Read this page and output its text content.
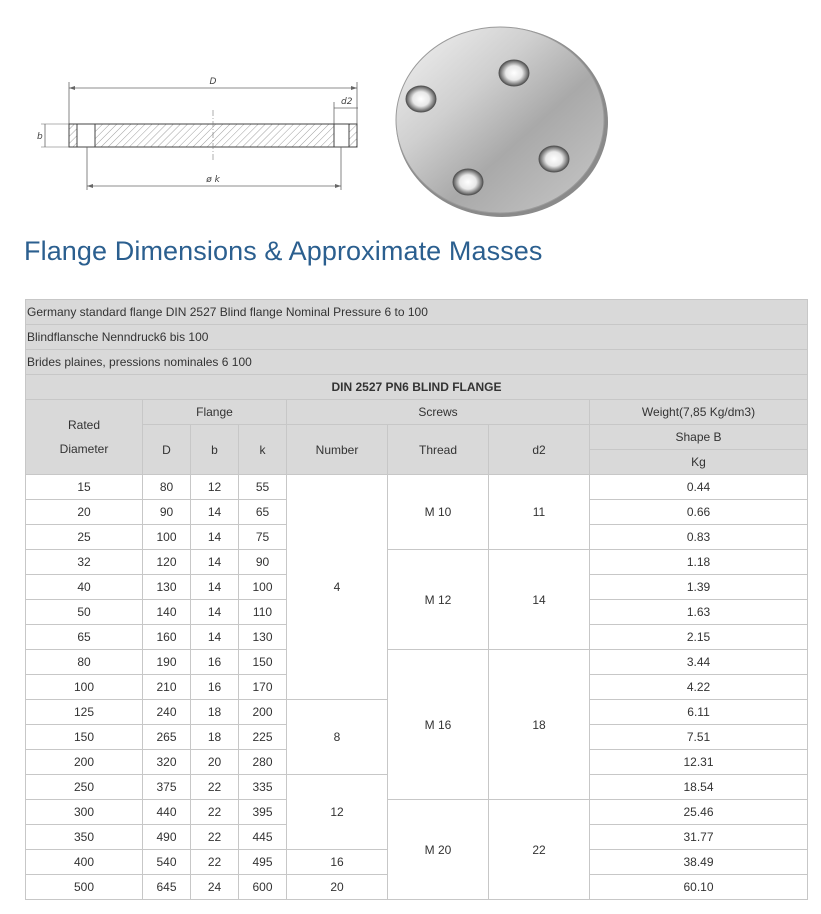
D
d2
b
ø k
Flange Dimensions & Approximate Masses
Germany standard flange DIN 2527 Blind flange Nominal Pressure 6 to 100							
Blindflansche Nenndruck6 bis 100							
Brides plaines, pressions nominales 6 100							
DIN 2527 PN6 BLIND FLANGE							
Rated
Diameter	Flange			Screws			Weight(7,85 Kg/dm3)
	D	b	k	Number	Thread	d2	Shape B
							Kg
15	80	12	55	4	M 10	11	0.44
20	90	14	65				0.66
25	100	14	75				0.83
32	120	14	90		M 12	14	1.18
40	130	14	100				1.39
50	140	14	110				1.63
65	160	14	130				2.15
80	190	16	150		M 16	18	3.44
100	210	16	170				4.22
125	240	18	200	8			6.11
150	265	18	225				7.51
200	320	20	280				12.31
250	375	22	335	12			18.54
300	440	22	395		M 20	22	25.46
350	490	22	445				31.77
400	540	22	495	16			38.49
500	645	24	600	20			60.10
